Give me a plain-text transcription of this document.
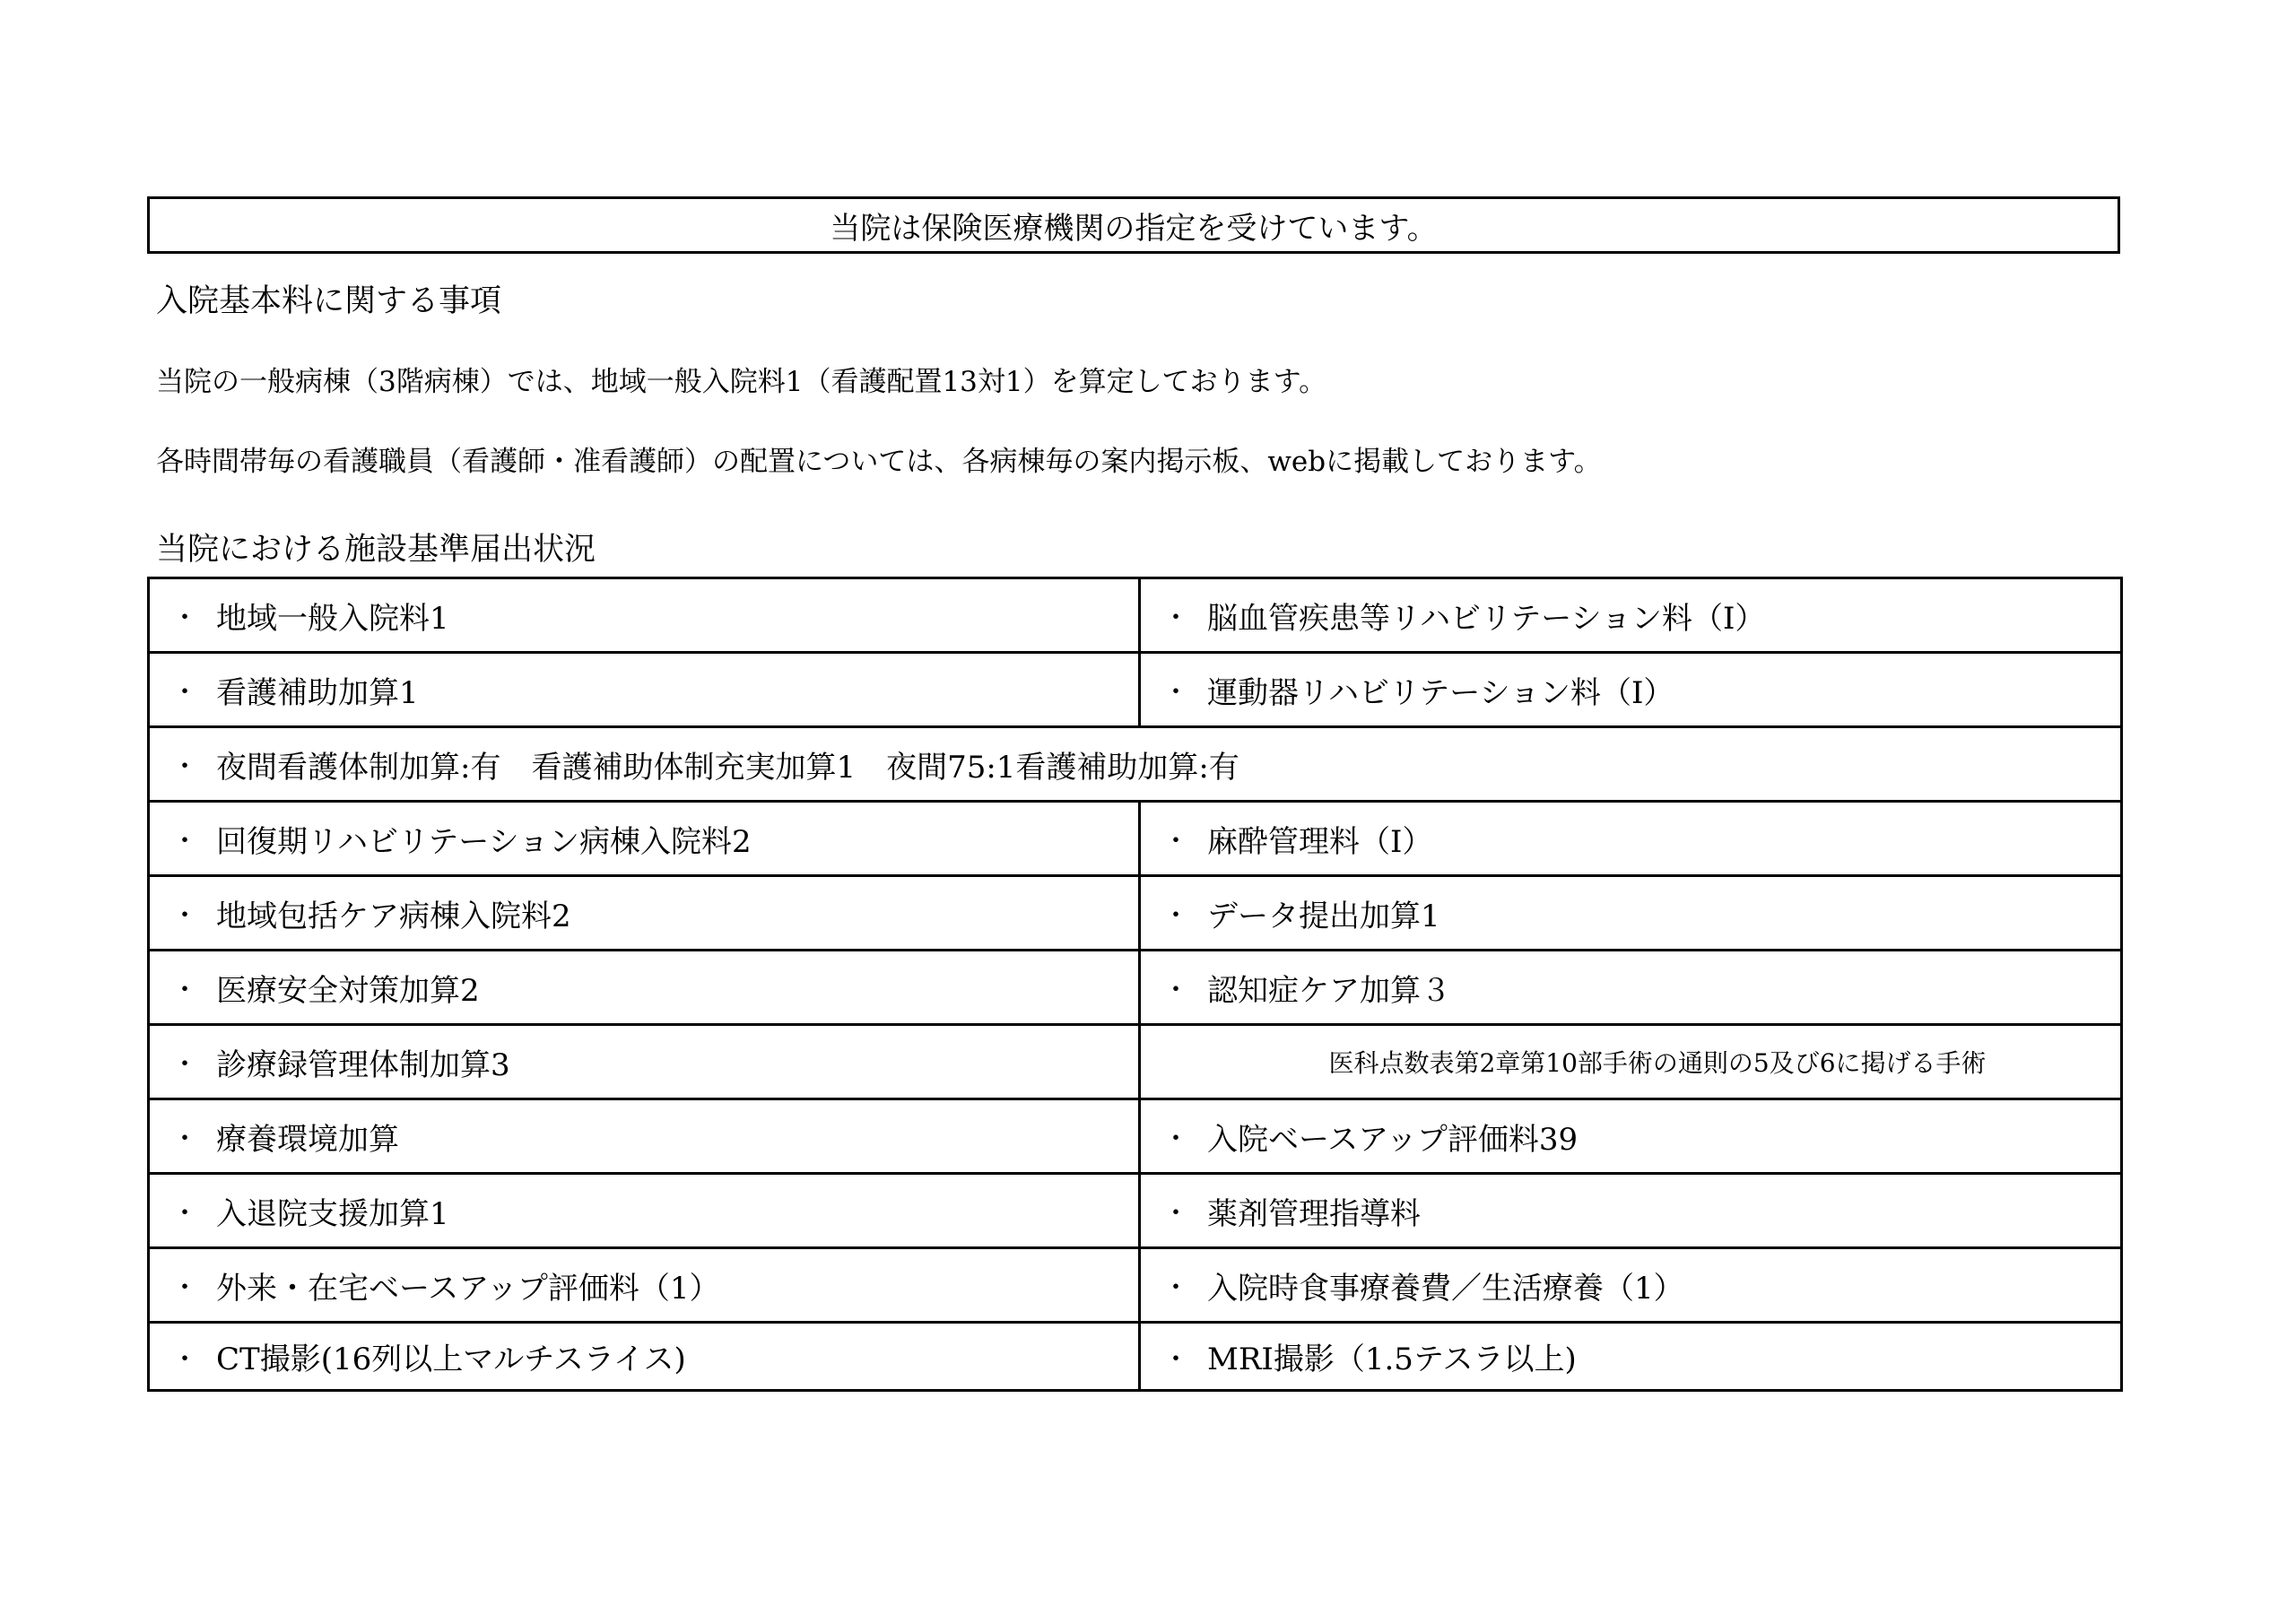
当院は保険医療機関の指定を受けています。
入院基本料に関する事項
当院の一般病棟（3階病棟）では、地域一般入院料1（看護配置13対1）を算定しております。
各時間帯毎の看護職員（看護師・准看護師）の配置については、各病棟毎の案内掲示板、webに掲載しております。
当院における施設基準届出状況
・ 地域一般入院料1	・ 脳血管疾患等リハビリテーション料（Ⅰ）

・ 看護補助加算1	・ 運動器リハビリテーション料（Ⅰ）

・ 夜間看護体制加算:有　看護補助体制充実加算1　夜間75:1看護補助加算:有	

・ 回復期リハビリテーション病棟入院料2	・ 麻酔管理料（Ⅰ）

・ 地域包括ケア病棟入院料2	・ データ提出加算1

・ 医療安全対策加算2	・ 認知症ケア加算３

・ 診療録管理体制加算3	医科点数表第2章第10部手術の通則の5及び6に掲げる手術

・ 療養環境加算	・ 入院ベースアップ評価料39

・ 入退院支援加算1	・ 薬剤管理指導料

・ 外来・在宅ベースアップ評価料（1）	・ 入院時食事療養費／生活療養（1）

・ CT撮影(16列以上マルチスライス)	・ MRI撮影（1.5テスラ以上)
